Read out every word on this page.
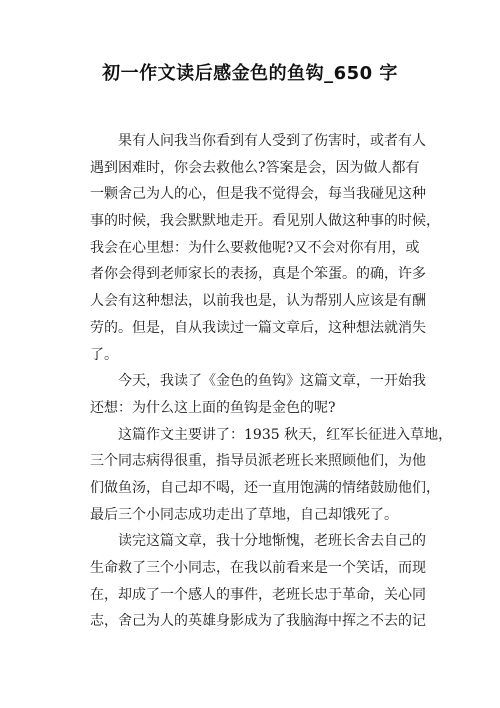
初一作文读后感金色的鱼钩_650 字
果有人问我当你看到有人受到了伤害时，或者有人
遇到困难时，你会去救他么?答案是会，因为做人都有
一颗舍己为人的心，但是我不觉得会，每当我碰见这种
事的时候，我会默默地走开。看见别人做这种事的时候，
我会在心里想：为什么要救他呢?又不会对你有用，或
者你会得到老师家长的表扬，真是个笨蛋。的确，许多
人会有这种想法，以前我也是，认为帮别人应该是有酬
劳的。但是，自从我读过一篇文章后，这种想法就消失
了。
今天，我读了《金色的鱼钩》这篇文章，一开始我
还想：为什么这上面的鱼钩是金色的呢?
这篇作文主要讲了：1935 秋天，红军长征进入草地，
三个同志病得很重，指导员派老班长来照顾他们，为他
们做鱼汤，自己却不喝，还一直用饱满的情绪鼓励他们，
最后三个小同志成功走出了草地，自己却饿死了。
读完这篇文章，我十分地惭愧，老班长舍去自己的
生命救了三个小同志，在我以前看来是一个笑话，而现
在，却成了一个感人的事件，老班长忠于革命，关心同
志，舍己为人的英雄身影成为了我脑海中挥之不去的记
